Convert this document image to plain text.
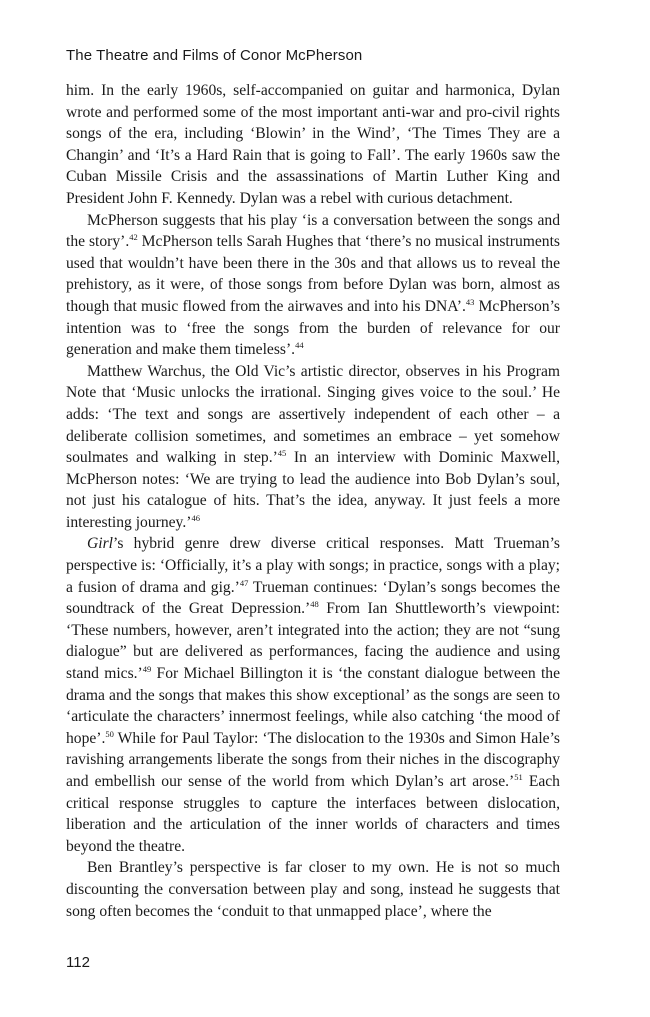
The Theatre and Films of Conor McPherson

him. In the early 1960s, self-accompanied on guitar and harmonica, Dylan wrote and performed some of the most important anti-war and pro-civil rights songs of the era, including ‘Blowin’ in the Wind’, ‘The Times They are a Changin’ and ‘It’s a Hard Rain that is going to Fall’. The early 1960s saw the Cuban Missile Crisis and the assassinations of Martin Luther King and President John F. Kennedy. Dylan was a rebel with curious detachment.

McPherson suggests that his play ‘is a conversation between the songs and the story’.$^{42}$ McPherson tells Sarah Hughes that ‘there’s no musical instruments used that wouldn’t have been there in the 30s and that allows us to reveal the prehistory, as it were, of those songs from before Dylan was born, almost as though that music flowed from the airwaves and into his DNA’.$^{43}$ McPherson’s intention was to ‘free the songs from the burden of relevance for our generation and make them timeless’.$^{44}$

Matthew Warchus, the Old Vic’s artistic director, observes in his Program Note that ‘Music unlocks the irrational. Singing gives voice to the soul.’ He adds: ‘The text and songs are assertively independent of each other – a deliberate collision sometimes, and sometimes an embrace – yet somehow soulmates and walking in step.’$^{45}$ In an interview with Dominic Maxwell, McPherson notes: ‘We are trying to lead the audience into Bob Dylan’s soul, not just his catalogue of hits. That’s the idea, anyway. It just feels a more interesting journey.’$^{46}$

Girl’s hybrid genre drew diverse critical responses. Matt Trueman’s perspective is: ‘Officially, it’s a play with songs; in practice, songs with a play; a fusion of drama and gig.’$^{47}$ Trueman continues: ‘Dylan’s songs becomes the soundtrack of the Great Depression.’$^{48}$ From Ian Shuttleworth’s viewpoint: ‘These numbers, however, aren’t integrated into the action; they are not “sung dialogue” but are delivered as performances, facing the audience and using stand mics.’$^{49}$ For Michael Billington it is ‘the constant dialogue between the drama and the songs that makes this show exceptional’ as the songs are seen to ‘articulate the characters’ innermost feelings, while also catching ‘the mood of hope’.$^{50}$ While for Paul Taylor: ‘The dislocation to the 1930s and Simon Hale’s ravishing arrangements liberate the songs from their niches in the discography and embellish our sense of the world from which Dylan’s art arose.’$^{51}$ Each critical response struggles to capture the interfaces between dislocation, liberation and the articulation of the inner worlds of characters and times beyond the theatre.

Ben Brantley’s perspective is far closer to my own. He is not so much discounting the conversation between play and song, instead he suggests that song often becomes the ‘conduit to that unmapped place’, where the

112
